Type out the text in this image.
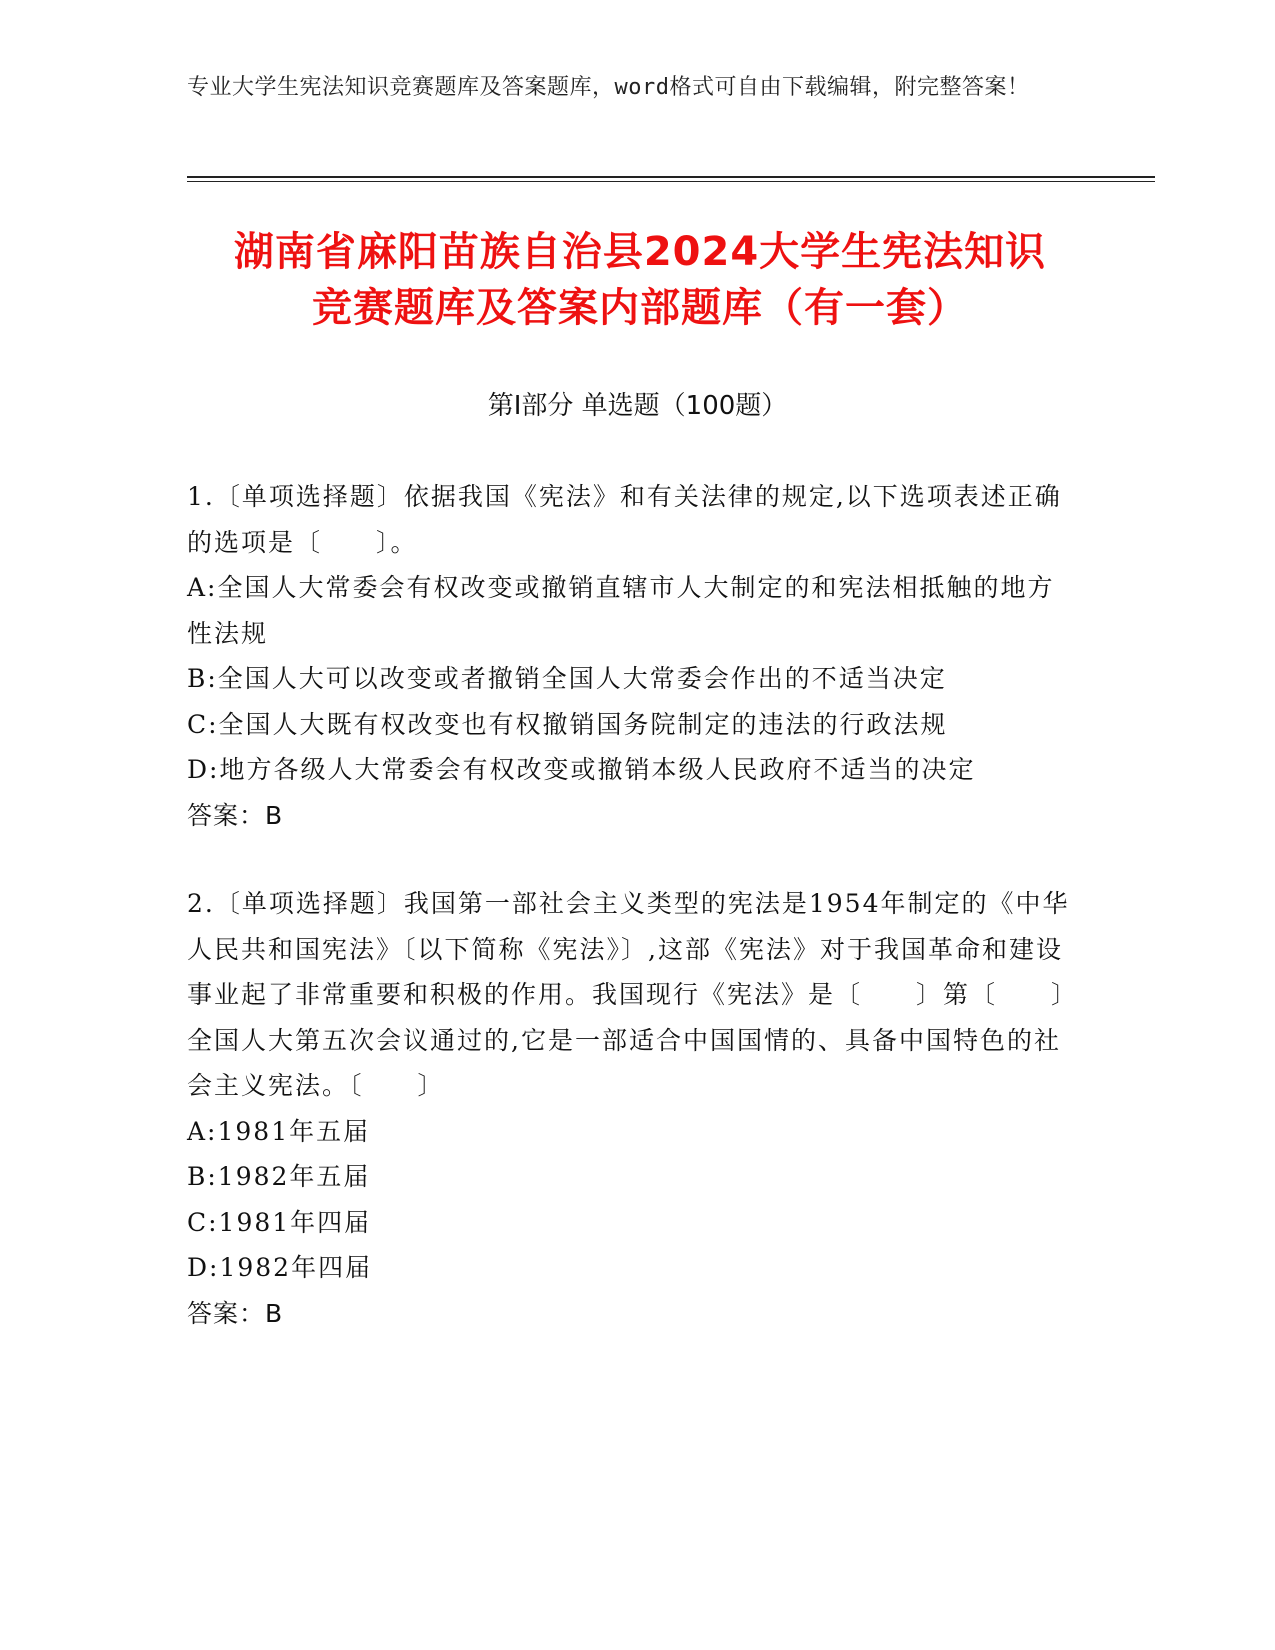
专业大学生宪法知识竞赛题库及答案题库，word格式可自由下载编辑，附完整答案！
湖南省麻阳苗族自治县2024大学生宪法知识
竞赛题库及答案内部题库（有一套）
第Ⅰ部分 单选题（100题）

1.〔单项选择题〕依据我国《宪法》和有关法律的规定,以下选项表述正确的选项是〔　　〕。

A:全国人大常委会有权改变或撤销直辖市人大制定的和宪法相抵触的地方性法规

B:全国人大可以改变或者撤销全国人大常委会作出的不适当决定

C:全国人大既有权改变也有权撤销国务院制定的违法的行政法规

D:地方各级人大常委会有权改变或撤销本级人民政府不适当的决定

答案：B

2.〔单项选择题〕我国第一部社会主义类型的宪法是1954年制定的《中华人民共和国宪法》〔以下简称《宪法》〕,这部《宪法》对于我国革命和建设事业起了非常重要和积极的作用。我国现行《宪法》是〔　　〕第〔　　〕全国人大第五次会议通过的,它是一部适合中国国情的、具备中国特色的社会主义宪法。〔　　〕

A:1981年五届

B:1982年五届

C:1981年四届

D:1982年四届

答案：B
